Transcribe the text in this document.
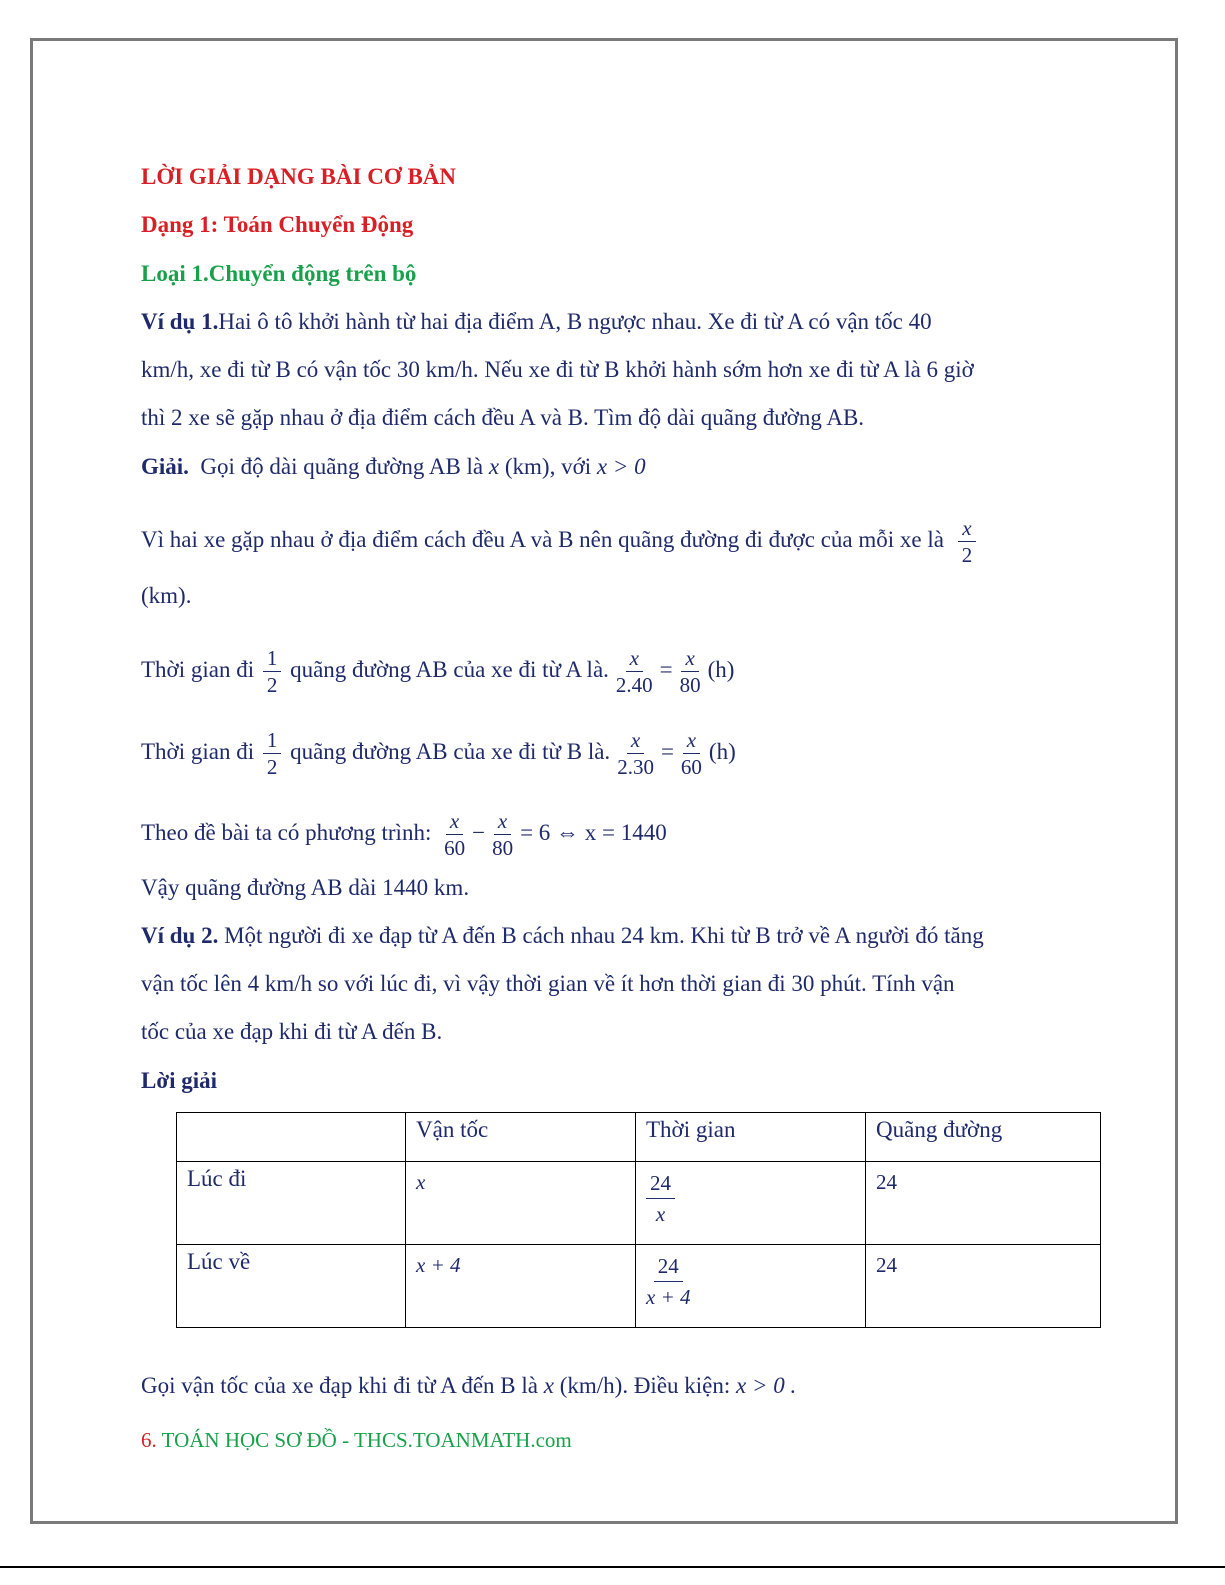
LỜI GIẢI DẠNG BÀI CƠ BẢN
Dạng 1: Toán Chuyển Động
Loại 1.Chuyển động trên bộ
Ví dụ 1.Hai ô tô khởi hành từ hai địa điểm A, B ngược nhau. Xe đi từ A có vận tốc 40
km/h, xe đi từ B có vận tốc 30 km/h. Nếu xe đi từ B khởi hành sớm hơn xe đi từ A là 6 giờ
thì 2 xe sẽ gặp nhau ở địa điểm cách đều A và B. Tìm độ dài quãng đường AB.
Giải. Gọi độ dài quãng đường AB là x (km), với x > 0
Vì hai xe gặp nhau ở địa điểm cách đều A và B nên quãng đường đi được của mỗi xe là $\frac{x}{2}$
(km).
Thời gian đi $\frac{1}{2}$ quãng đường AB của xe đi từ A là. $\frac{x}{2.40} = \frac{x}{80} (h)$
Thời gian đi $\frac{1}{2}$ quãng đường AB của xe đi từ B là. $\frac{x}{2.30} = \frac{x}{60} (h)$
Theo đề bài ta có phương trình: $\frac{x}{60} - \frac{x}{80} = 6$ ⇔ x = 1440
Vậy quãng đường AB dài 1440 km.
Ví dụ 2. Một người đi xe đạp từ A đến B cách nhau 24 km. Khi từ B trở về A người đó tăng
vận tốc lên 4 km/h so với lúc đi, vì vậy thời gian về ít hơn thời gian đi 30 phút. Tính vận
tốc của xe đạp khi đi từ A đến B.
Lời giải
	Vận tốc	Thời gian	Quãng đường
Lúc đi	x	$\frac{24}{x}$	24
Lúc về	x + 4	$\frac{24}{x + 4}$	24
Gọi vận tốc của xe đạp khi đi từ A đến B là x (km/h). Điều kiện: x > 0 .
6. TOÁN HỌC SƠ ĐỒ - THCS.TOANMATH.com
